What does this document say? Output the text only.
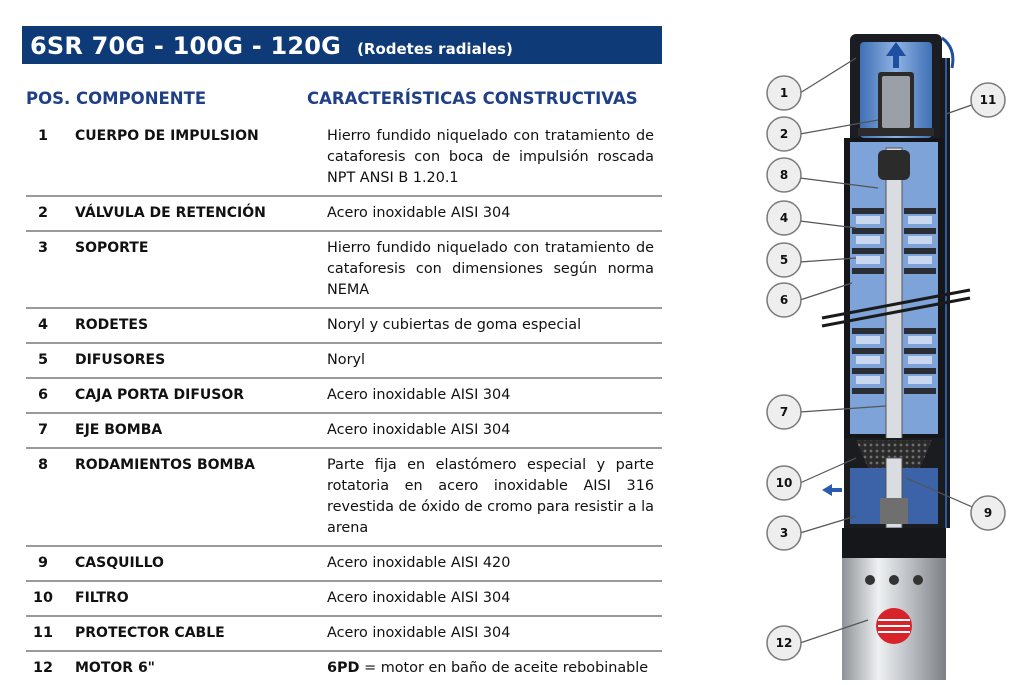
6SR 70G - 100G - 120G (Rodetes radiales)
POS. COMPONENTE	CARACTERÍSTICAS CONSTRUCTIVAS
1	CUERPO DE IMPULSION	Hierro fundido niquelado con tratamiento de cataforesis con boca de impulsión roscada NPT ANSI B 1.20.1
2	VÁLVULA DE RETENCIÓN	Acero inoxidable AISI 304
3	SOPORTE	Hierro fundido niquelado con tratamiento de cataforesis con dimensiones según norma NEMA
4	RODETES	Noryl y cubiertas de goma especial
5	DIFUSORES	Noryl
6	CAJA PORTA DIFUSOR	Acero inoxidable AISI 304
7	EJE BOMBA	Acero inoxidable AISI 304
8	RODAMIENTOS BOMBA	Parte fija en elastómero especial y parte rotatoria en acero inoxidable AISI 316 revestida de óxido de cromo para resistir a la arena
9	CASQUILLO	Acero inoxidable AISI 420
10	FILTRO	Acero inoxidable AISI 304
11	PROTECTOR CABLE	Acero inoxidable AISI 304
12	MOTOR 6"	6PD = motor en baño de aceite rebobinable
1
2
8
4
5
6
7
10
3
11
9
12
